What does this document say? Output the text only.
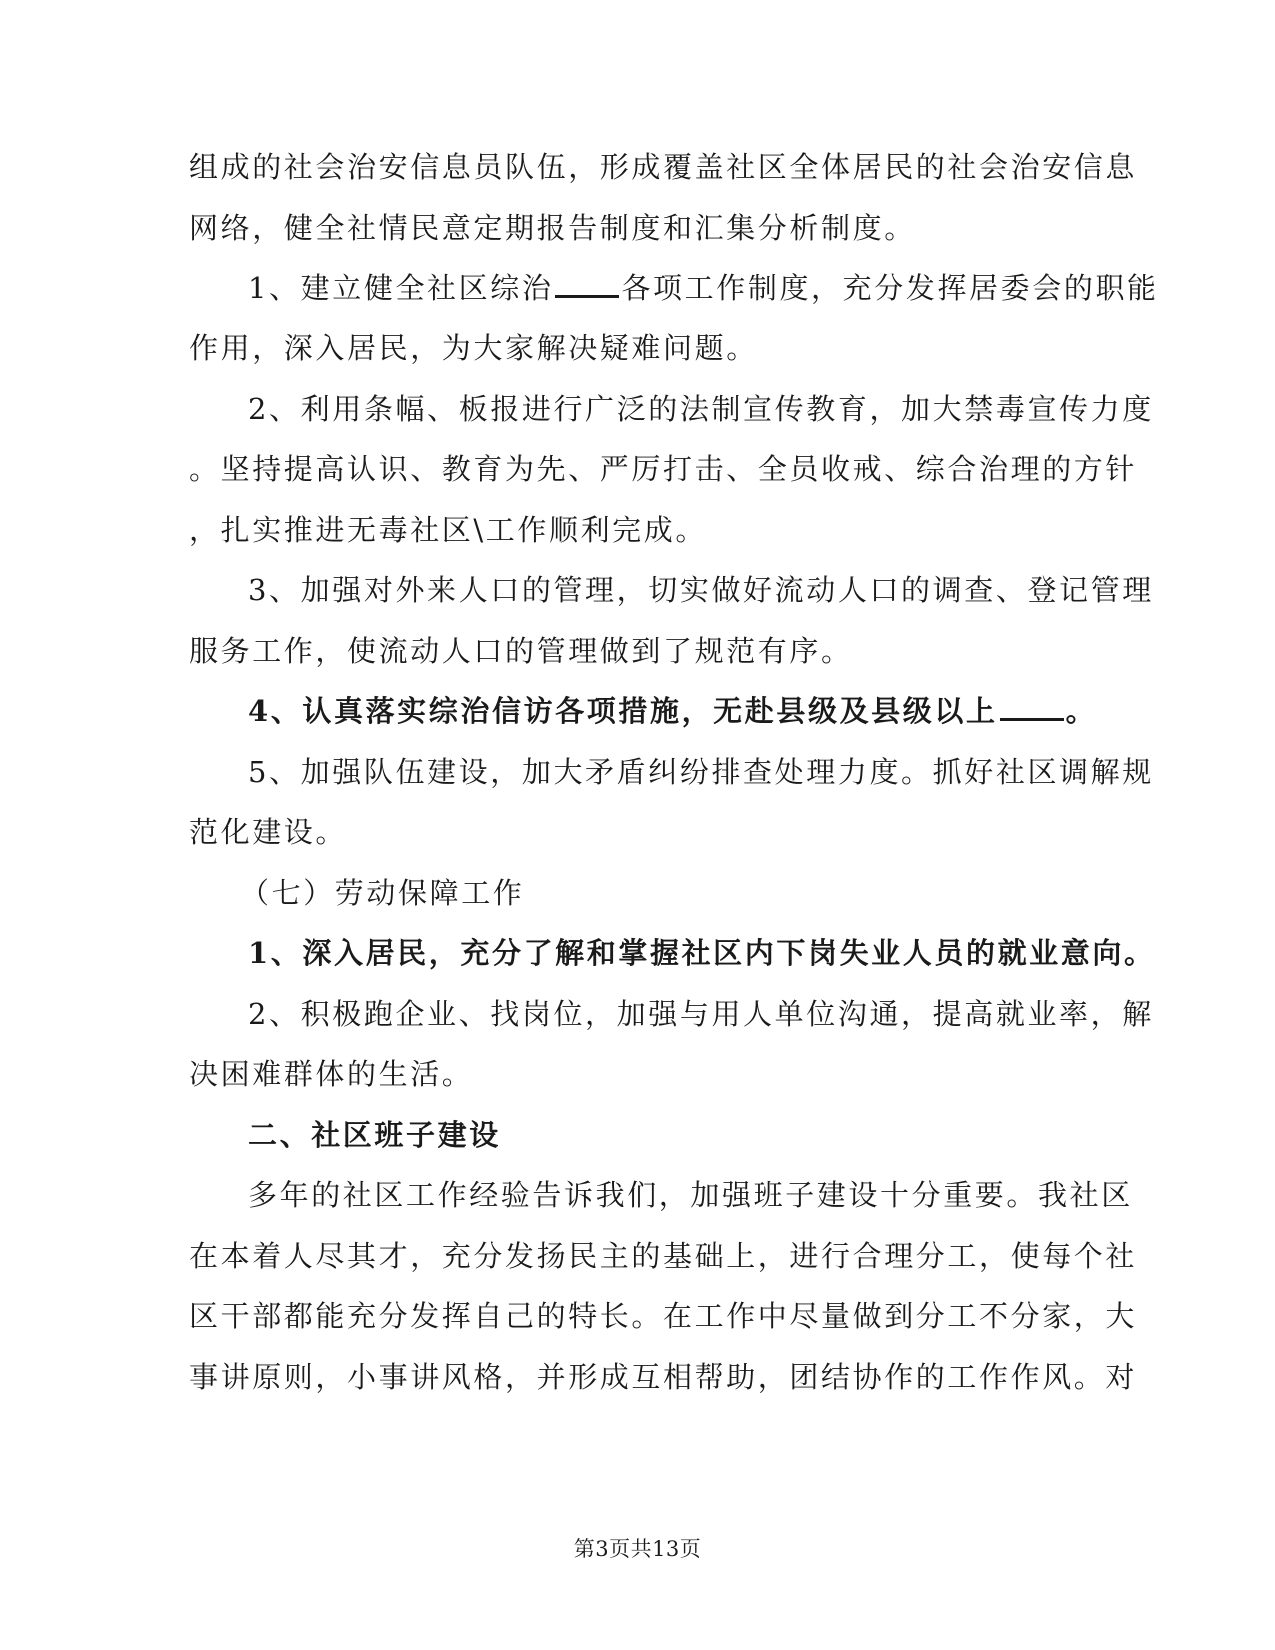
组成的社会治安信息员队伍，形成覆盖社区全体居民的社会治安信息
网络，健全社情民意定期报告制度和汇集分析制度。
1、建立健全社区综治 各项工作制度，充分发挥居委会的职能
作用，深入居民，为大家解决疑难问题。
2、利用条幅、板报进行广泛的法制宣传教育，加大禁毒宣传力度
。坚持提高认识、教育为先、严厉打击、全员收戒、综合治理的方针
，扎实推进无毒社区\工作顺利完成。
3、加强对外来人口的管理，切实做好流动人口的调查、登记管理
服务工作，使流动人口的管理做到了规范有序。
4、认真落实综治信访各项措施，无赴县级及县级以上 。
5、加强队伍建设，加大矛盾纠纷排查处理力度。抓好社区调解规
范化建设。
（七）劳动保障工作
1、深入居民，充分了解和掌握社区内下岗失业人员的就业意向。
2、积极跑企业、找岗位，加强与用人单位沟通，提高就业率，解
决困难群体的生活。
二、社区班子建设
多年的社区工作经验告诉我们，加强班子建设十分重要。我社区
在本着人尽其才，充分发扬民主的基础上，进行合理分工，使每个社
区干部都能充分发挥自己的特长。在工作中尽量做到分工不分家，大
事讲原则，小事讲风格，并形成互相帮助，团结协作的工作作风。对
第3页共13页
